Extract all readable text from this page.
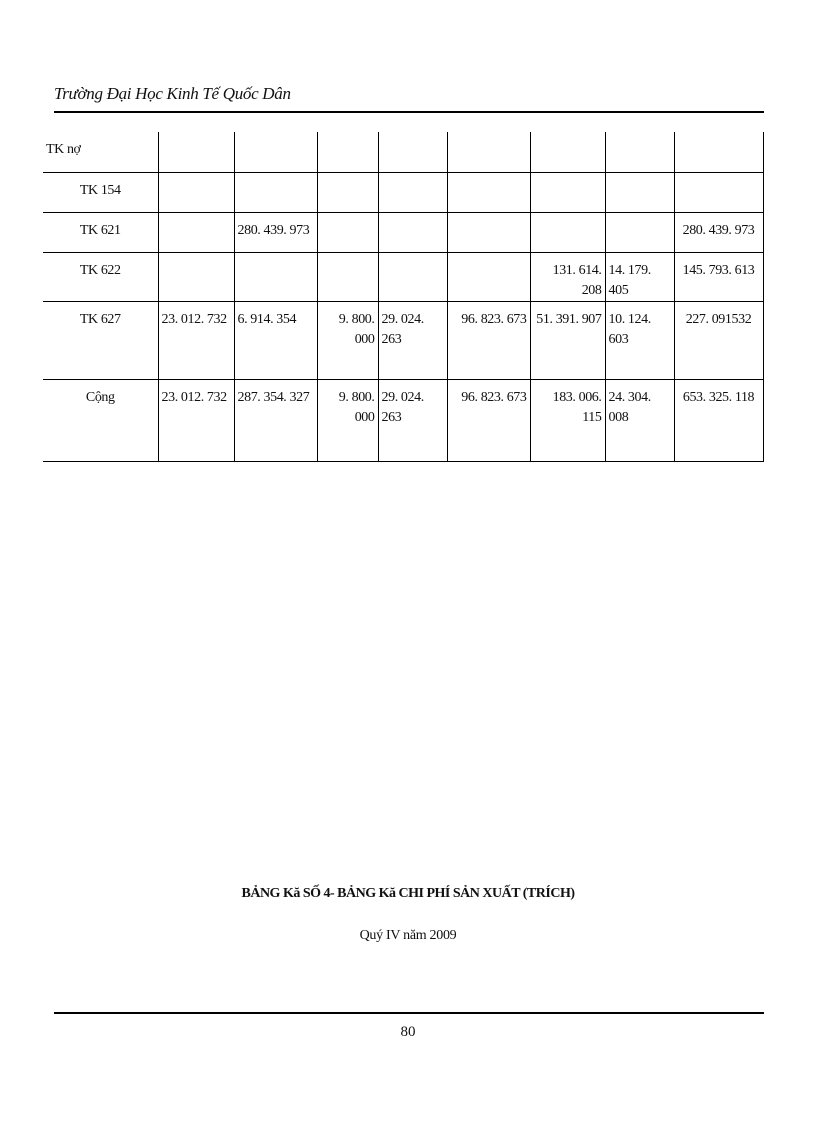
Trường Đại Học Kinh Tế Quốc Dân
TK nợ								
TK 154								
TK 621		280. 439. 973						280. 439. 973
TK 622						131. 614. 208	14. 179. 405	145. 793. 613
TK 627	23. 012. 732	6. 914. 354	9. 800. 000	29. 024. 263	96. 823. 673	51. 391. 907	10. 124. 603	227. 091532
Cộng	23. 012. 732	287. 354. 327	9. 800. 000	29. 024. 263	96. 823. 673	183. 006. 115	24. 304. 008	653. 325. 118
BẢNG Kă SỐ 4- BẢNG Kă CHI PHÍ SẢN XUẤT (TRÍCH)
Quý IV năm 2009
80
